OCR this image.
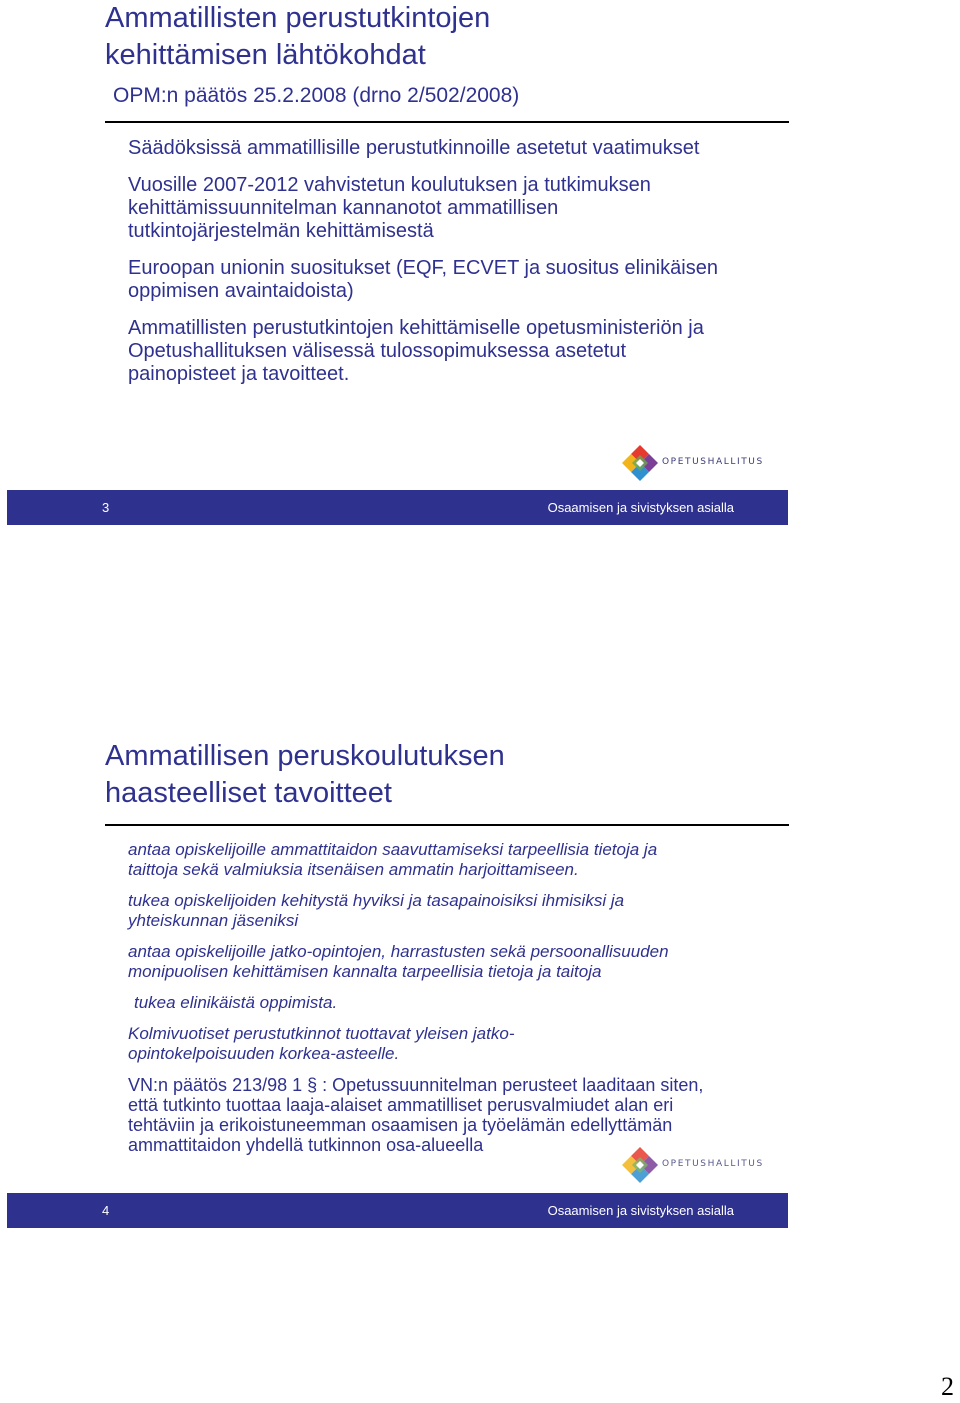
Ammatillisten perustutkintojen kehittämisen lähtökohdat
OPM:n päätös 25.2.2008 (drno 2/502/2008)
Säädöksissä ammatillisille perustutkinnoille asetetut vaatimukset
Vuosille 2007-2012 vahvistetun koulutuksen ja tutkimuksen kehittämissuunnitelman kannanotot ammatillisen tutkintojärjestelmän kehittämisestä
Euroopan unionin suositukset (EQF, ECVET ja suositus elinikäisen oppimisen avaintaidoista)
Ammatillisten perustutkintojen kehittämiselle opetusministeriön ja Opetushallituksen välisessä tulossopimuksessa asetetut painopisteet ja tavoitteet.
OPETUSHALLITUS
3	Osaamisen ja sivistyksen asialla
Ammatillisen peruskoulutuksen haasteelliset tavoitteet
antaa opiskelijoille ammattitaidon saavuttamiseksi tarpeellisia tietoja ja taittoja sekä valmiuksia itsenäisen ammatin harjoittamiseen.
tukea opiskelijoiden kehitystä hyviksi ja tasapainoisiksi ihmisiksi ja yhteiskunnan jäseniksi
antaa opiskelijoille jatko-opintojen, harrastusten sekä persoonallisuuden monipuolisen kehittämisen kannalta tarpeellisia tietoja ja taitoja
tukea elinikäistä oppimista.
Kolmivuotiset perustutkinnot tuottavat yleisen jatko-opintokelpoisuuden korkea-asteelle.
VN:n päätös 213/98 1 § : Opetussuunnitelman perusteet laaditaan siten, että tutkinto tuottaa laaja-alaiset ammatilliset perusvalmiudet alan eri tehtäviin ja erikoistuneemman osaamisen ja työelämän edellyttämän ammattitaidon yhdellä tutkinnon osa-alueella
OPETUSHALLITUS
4	Osaamisen ja sivistyksen asialla
2
